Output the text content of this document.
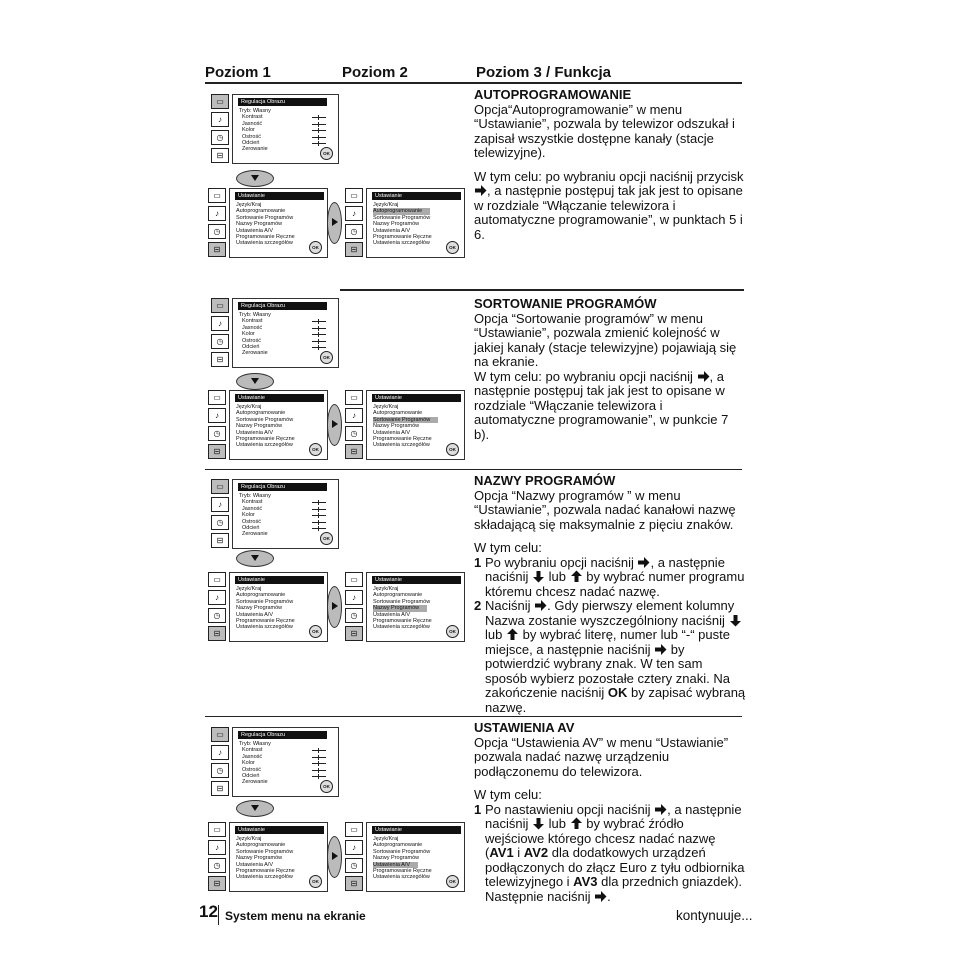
Poziom 1	Poziom 2	Poziom 3 / Funkcja
▭
♪
◷
⊟
Regulacja Obrazu
Tryb: Własny
Kontrast
Jasność
Kolor
Ostrość
Odcień
Zerowanie
OK
▭
♪
◷
⊟
Ustawianie
Język/Kraj
Autoprogramowanie
Sortowanie Programów
Nazwy Programów
Ustawienia A/V
Programowanie Ręczne
Ustawienia szczegółów
OK
▭
♪
◷
⊟
Ustawianie
Język/Kraj
Autoprogramowanie
Sortowanie Programów
Nazwy Programów
Ustawienia A/V
Programowanie Ręczne
Ustawienia szczegółów
OK
▭
♪
◷
⊟
Regulacja Obrazu
Tryb: Własny
Kontrast
Jasność
Kolor
Ostrość
Odcień
Zerowanie
OK
▭
♪
◷
⊟
Ustawianie
Język/Kraj
Autoprogramowanie
Sortowanie Programów
Nazwy Programów
Ustawienia A/V
Programowanie Ręczne
Ustawienia szczegółów
OK
▭
♪
◷
⊟
Ustawianie
Język/Kraj
Autoprogramowanie
Sortowanie Programów
Nazwy Programów
Ustawienia A/V
Programowanie Ręczne
Ustawienia szczegółów
OK
▭
♪
◷
⊟
Regulacja Obrazu
Tryb: Własny
Kontrast
Jasność
Kolor
Ostrość
Odcień
Zerowanie
OK
▭
♪
◷
⊟
Ustawianie
Język/Kraj
Autoprogramowanie
Sortowanie Programów
Nazwy Programów
Ustawienia A/V
Programowanie Ręczne
Ustawienia szczegółów
OK
▭
♪
◷
⊟
Ustawianie
Język/Kraj
Autoprogramowanie
Sortowanie Programów
Nazwy Programów
Ustawienia A/V
Programowanie Ręczne
Ustawienia szczegółów
OK
▭
♪
◷
⊟
Regulacja Obrazu
Tryb: Własny
Kontrast
Jasność
Kolor
Ostrość
Odcień
Zerowanie
OK
▭
♪
◷
⊟
Ustawianie
Język/Kraj
Autoprogramowanie
Sortowanie Programów
Nazwy Programów
Ustawienia A/V
Programowanie Ręczne
Ustawienia szczegółów
OK
▭
♪
◷
⊟
Ustawianie
Język/Kraj
Autoprogramowanie
Sortowanie Programów
Nazwy Programów
Ustawienia A/V
Programowanie Ręczne
Ustawienia szczegółów
OK
AUTOPROGRAMOWANIE

Opcja“Autoprogramowanie” w menu “Ustawianie”, pozwala by telewizor odszukał i zapisał wszystkie dostępne kanały (stacje telewizyjne).

W tym celu: po wybraniu opcji naciśnij przycisk
, a następnie postępuj tak jak jest to opisane w rozdziale “Włączanie telewizora i automatyczne programowanie”, w punktach 5 i 6.

SORTOWANIE PROGRAMÓW

Opcja “Sortowanie programów” w menu “Ustawianie”, pozwala zmienić kolejność w jakiej kanały (stacje telewizyjne) pojawiają się na ekranie.

W tym celu: po wybraniu opcji naciśnij , a następnie postępuj tak jak jest to opisane w rozdziale “Włączanie telewizora i automatyczne programowanie”, w punkcie 7 b).

NAZWY PROGRAMÓW

Opcja “Nazwy programów ” w menu “Ustawianie”, pozwala nadać kanałowi nazwę składającą się maksymalnie z pięciu znaków.

W tym celu:

1 Po wybraniu opcji naciśnij , a następnie naciśnij lub by wybrać numer programu któremu chcesz nadać nazwę.
2 Naciśnij . Gdy pierwszy element kolumny Nazwa zostanie wyszczególniony naciśnij
lub by wybrać literę, numer lub “-“ puste miejsce, a następnie naciśnij by potwierdzić wybrany znak. W ten sam sposób wybierz pozostałe cztery znaki. Na zakończenie naciśnij OK by zapisać wybraną nazwę.
USTAWIENIA AV

Opcja “Ustawienia AV” w menu “Ustawianie” pozwala nadać nazwę urządzeniu podłączonemu do telewizora.

W tym celu:

1 Po nastawieniu opcji naciśnij , a następnie naciśnij lub by wybrać źródło wejściowe którego chcesz nadać nazwę (AV1 i AV2 dla dodatkowych urządzeń podłączonych do złącz Euro z tyłu odbiornika telewizyjnego i AV3 dla przednich gniazdek). Następnie naciśnij .
12 System menu na ekranie	kontynuuje...
